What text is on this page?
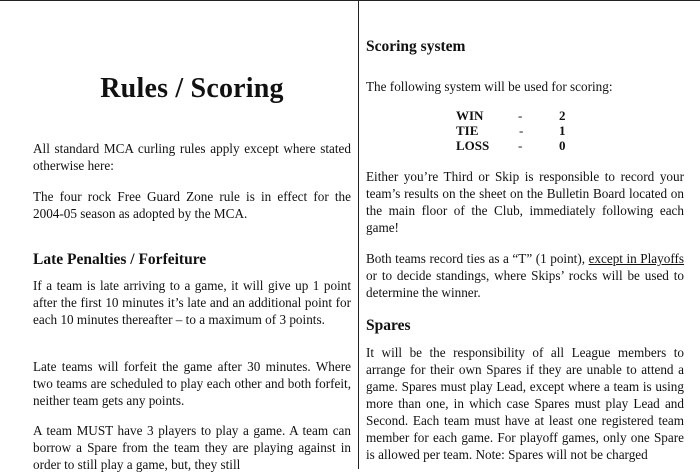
Rules / Scoring

All standard MCA curling rules apply except where stated otherwise here:

The four rock Free Guard Zone rule is in effect for the 2004-05 season as adopted by the MCA.

Late Penalties / Forfeiture

If a team is late arriving to a game, it will give up 1 point after the first 10 minutes it’s late and an additional point for each 10 minutes thereafter – to a maximum of 3 points.

Late teams will forfeit the game after 30 minutes. Where two teams are scheduled to play each other and both forfeit, neither team gets any points.

A team MUST have 3 players to play a game. A team can borrow a Spare from the team they are playing against in order to still play a game, but, they still

Scoring system

The following system will be used for scoring:

WIN	-	2
TIE	-	1
LOSS -	0

Either you’re Third or Skip is responsible to record your team’s results on the sheet on the Bulletin Board located on the main floor of the Club, immediately following each game!

Both teams record ties as a “T” (1 point), except in Playoffs or to decide standings, where Skips’ rocks will be used to determine the winner.

Spares

It will be the responsibility of all League members to arrange for their own Spares if they are unable to attend a game. Spares must play Lead, except where a team is using more than one, in which case Spares must play Lead and Second. Each team must have at least one registered team member for each game. For playoff games, only one Spare is allowed per team. Note: Spares will not be charged
